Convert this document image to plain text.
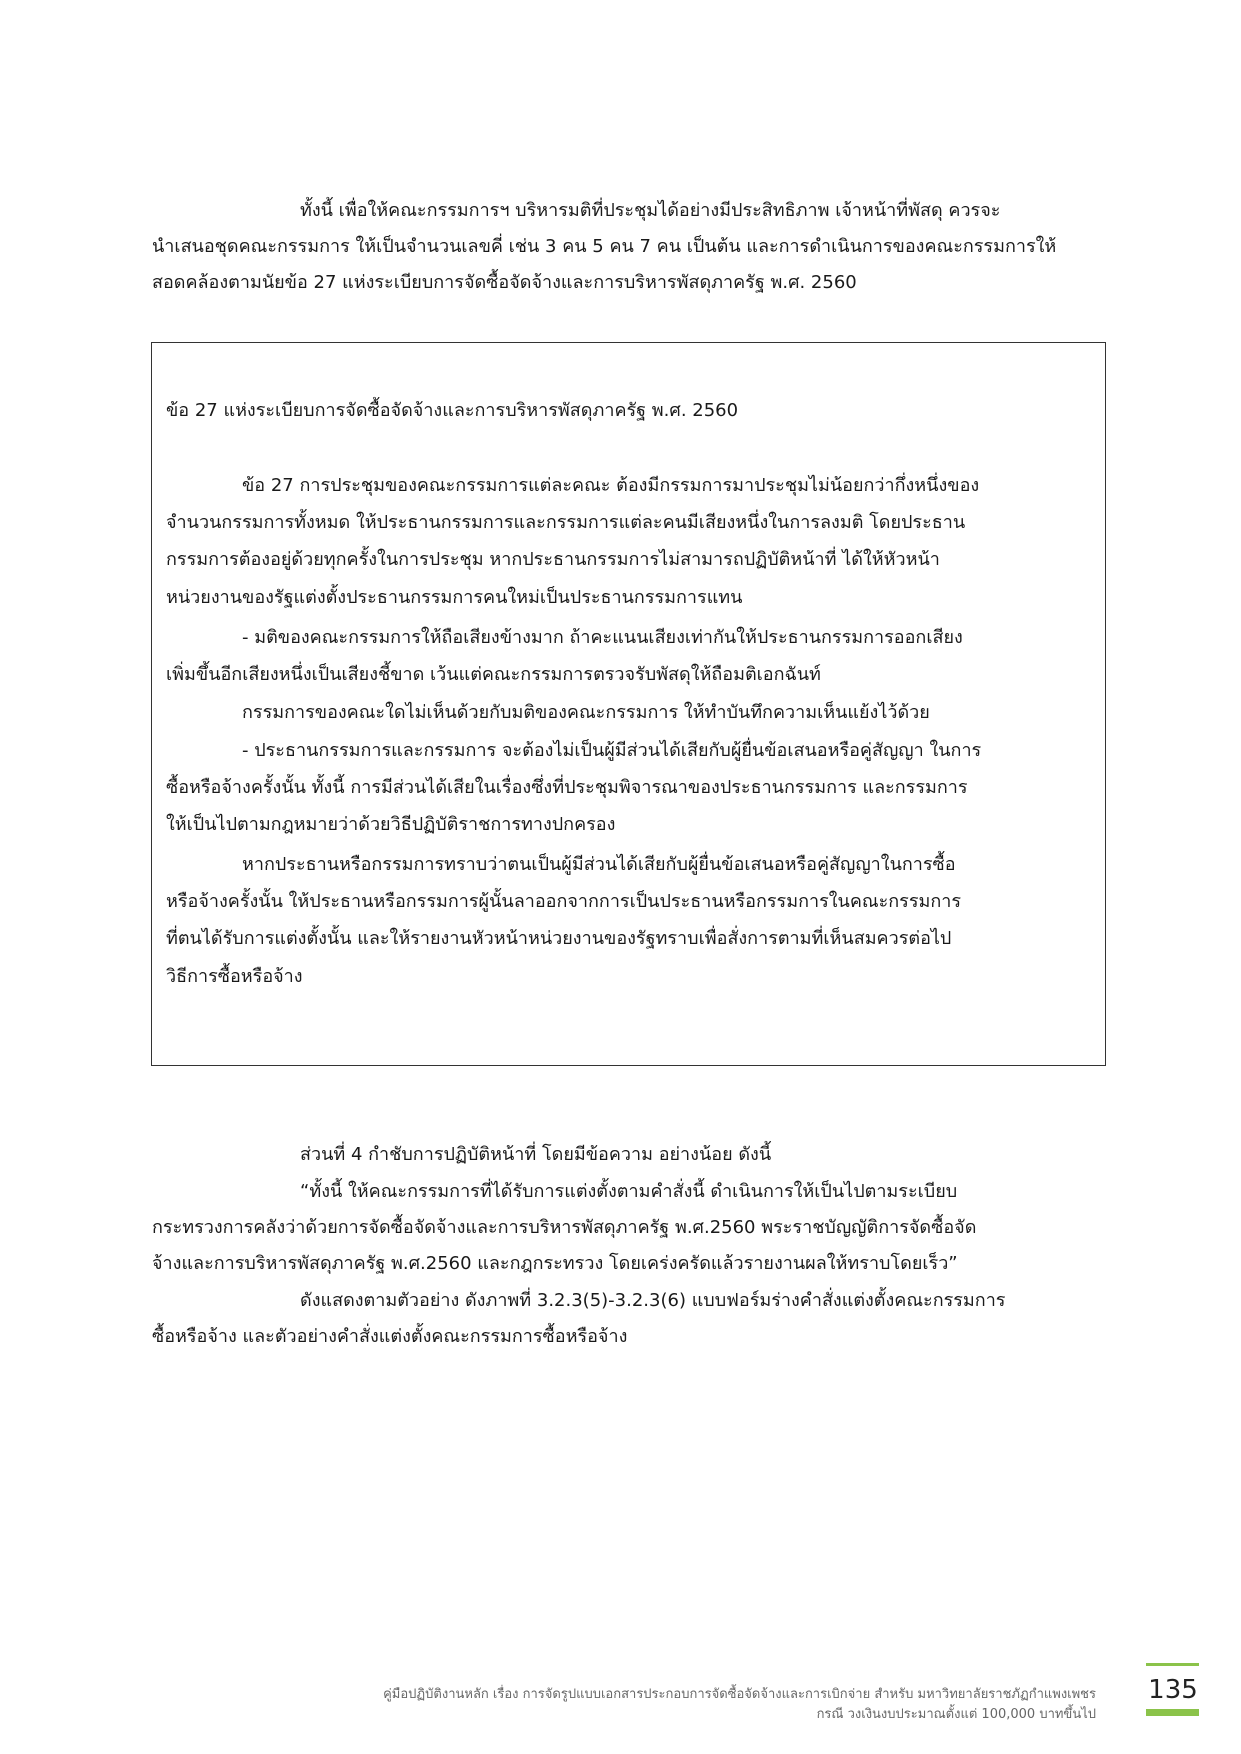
ทั้งนี้ เพื่อให้คณะกรรมการฯ บริหารมติที่ประชุมได้อย่างมีประสิทธิภาพ เจ้าหน้าที่พัสดุ ควรจะ

นำเสนอชุดคณะกรรมการ ให้เป็นจำนวนเลขคี่ เช่น 3 คน 5 คน 7 คน เป็นต้น และการดำเนินการของคณะกรรมการให้

สอดคล้องตามนัยข้อ 27 แห่งระเบียบการจัดซื้อจัดจ้างและการบริหารพัสดุภาครัฐ พ.ศ. 2560

ข้อ 27 แห่งระเบียบการจัดซื้อจัดจ้างและการบริหารพัสดุภาครัฐ พ.ศ. 2560

ข้อ 27 การประชุมของคณะกรรมการแต่ละคณะ ต้องมีกรรมการมาประชุมไม่น้อยกว่ากึ่งหนึ่งของ

จำนวนกรรมการทั้งหมด ให้ประธานกรรมการและกรรมการแต่ละคนมีเสียงหนึ่งในการลงมติ โดยประธาน

กรรมการต้องอยู่ด้วยทุกครั้งในการประชุม หากประธานกรรมการไม่สามารถปฏิบัติหน้าที่ ได้ให้หัวหน้า

หน่วยงานของรัฐแต่งตั้งประธานกรรมการคนใหม่เป็นประธานกรรมการแทน

- มติของคณะกรรมการให้ถือเสียงข้างมาก ถ้าคะแนนเสียงเท่ากันให้ประธานกรรมการออกเสียง

เพิ่มขึ้นอีกเสียงหนึ่งเป็นเสียงชี้ขาด เว้นแต่คณะกรรมการตรวจรับพัสดุให้ถือมติเอกฉันท์

กรรมการของคณะใดไม่เห็นด้วยกับมติของคณะกรรมการ ให้ทำบันทึกความเห็นแย้งไว้ด้วย

- ประธานกรรมการและกรรมการ จะต้องไม่เป็นผู้มีส่วนได้เสียกับผู้ยื่นข้อเสนอหรือคู่สัญญา ในการ

ซื้อหรือจ้างครั้งนั้น ทั้งนี้ การมีส่วนได้เสียในเรื่องซึ่งที่ประชุมพิจารณาของประธานกรรมการ และกรรมการ

ให้เป็นไปตามกฎหมายว่าด้วยวิธีปฏิบัติราชการทางปกครอง

หากประธานหรือกรรมการทราบว่าตนเป็นผู้มีส่วนได้เสียกับผู้ยื่นข้อเสนอหรือคู่สัญญาในการซื้อ

หรือจ้างครั้งนั้น ให้ประธานหรือกรรมการผู้นั้นลาออกจากการเป็นประธานหรือกรรมการในคณะกรรมการ

ที่ตนได้รับการแต่งตั้งนั้น และให้รายงานหัวหน้าหน่วยงานของรัฐทราบเพื่อสั่งการตามที่เห็นสมควรต่อไป

วิธีการซื้อหรือจ้าง

ส่วนที่ 4 กำชับการปฏิบัติหน้าที่ โดยมีข้อความ อย่างน้อย ดังนี้

“ทั้งนี้ ให้คณะกรรมการที่ได้รับการแต่งตั้งตามคำสั่งนี้ ดำเนินการให้เป็นไปตามระเบียบ

กระทรวงการคลังว่าด้วยการจัดซื้อจัดจ้างและการบริหารพัสดุภาครัฐ พ.ศ.2560 พระราชบัญญัติการจัดซื้อจัด

จ้างและการบริหารพัสดุภาครัฐ พ.ศ.2560 และกฎกระทรวง โดยเคร่งครัดแล้วรายงานผลให้ทราบโดยเร็ว”

ดังแสดงตามตัวอย่าง ดังภาพที่ 3.2.3(5)-3.2.3(6) แบบฟอร์มร่างคำสั่งแต่งตั้งคณะกรรมการ

ซื้อหรือจ้าง และตัวอย่างคำสั่งแต่งตั้งคณะกรรมการซื้อหรือจ้าง

คู่มือปฏิบัติงานหลัก เรื่อง การจัดรูปแบบเอกสารประกอบการจัดซื้อจัดจ้างและการเบิกจ่าย สำหรับ มหาวิทยาลัยราชภัฏกำแพงเพชร
กรณี วงเงินงบประมาณตั้งแต่ 100,000 บาทขึ้นไป
135
